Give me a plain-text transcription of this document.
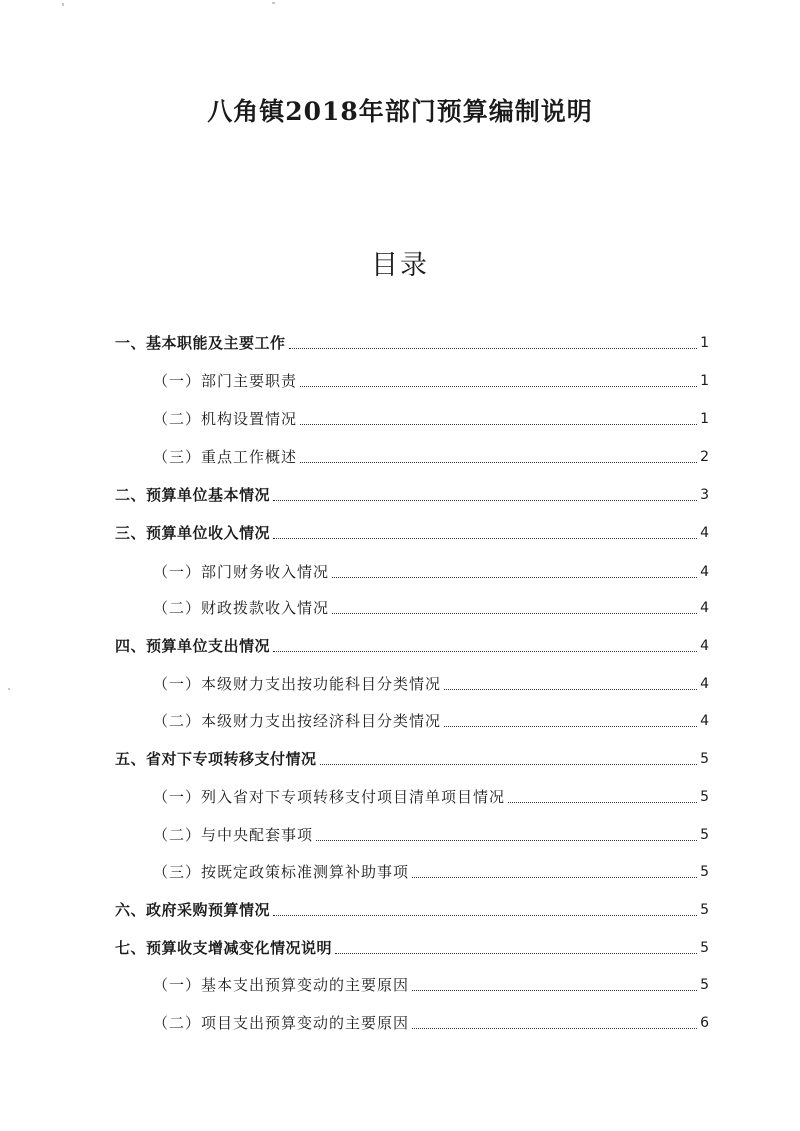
八角镇2018年部门预算编制说明
目录
一、基本职能及主要工作	1
（一）部门主要职责	1
（二）机构设置情况	1
（三）重点工作概述	2
二、预算单位基本情况	3
三、预算单位收入情况	4
（一）部门财务收入情况	4
（二）财政拨款收入情况	4
四、预算单位支出情况	4
（一）本级财力支出按功能科目分类情况	4
（二）本级财力支出按经济科目分类情况	4
五、省对下专项转移支付情况	5
（一）列入省对下专项转移支付项目清单项目情况	5
（二）与中央配套事项	5
（三）按既定政策标准测算补助事项	5
六、政府采购预算情况	5
七、预算收支增减变化情况说明	5
（一）基本支出预算变动的主要原因	5
（二）项目支出预算变动的主要原因	6
